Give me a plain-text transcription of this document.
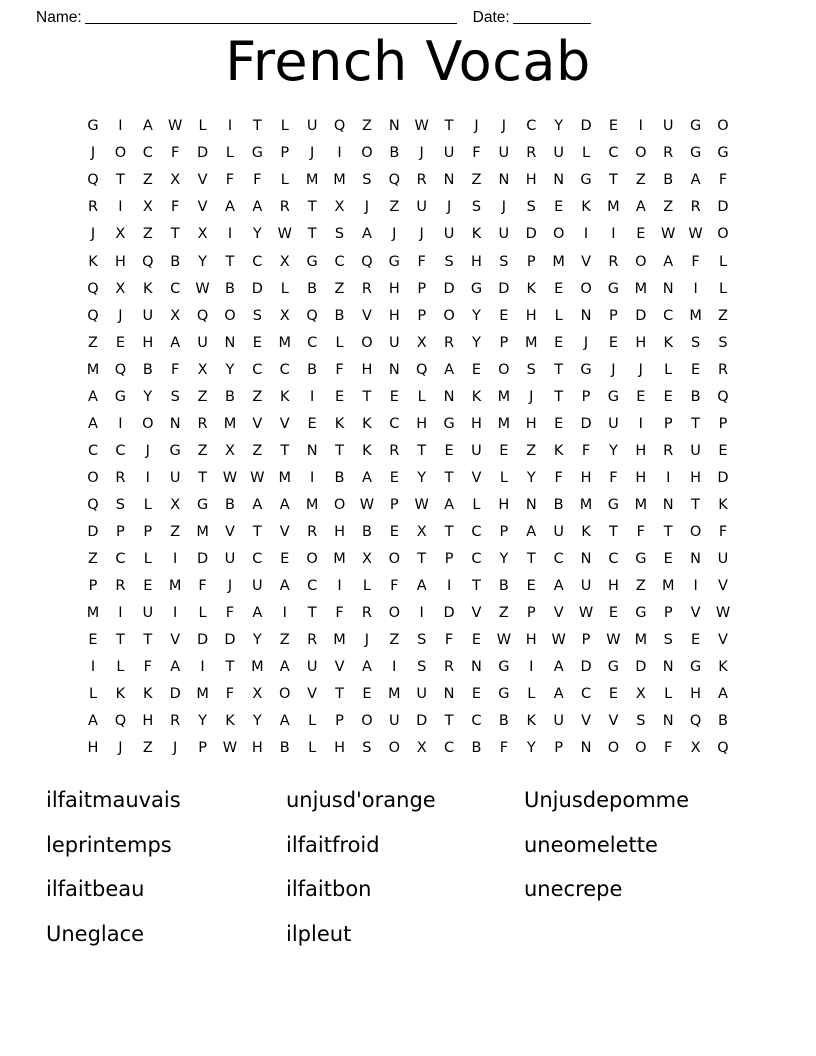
Name:	Date:
French Vocab
G	I	A	W	L	I	T	L	U	Q	Z	N	W	T	J	J	C	Y	D	E	I	U	G	O
J	O	C	F	D	L	G	P	J	I	O	B	J	U	F	U	R	U	L	C	O	R	G	G
Q	T	Z	X	V	F	F	L	M	M	S	Q	R	N	Z	N	H	N	G	T	Z	B	A	F
R	I	X	F	V	A	A	R	T	X	J	Z	U	J	S	J	S	E	K	M	A	Z	R	D
J	X	Z	T	X	I	Y	W	T	S	A	J	J	U	K	U	D	O	I	I	E	W	W	O
K	H	Q	B	Y	T	C	X	G	C	Q	G	F	S	H	S	P	M	V	R	O	A	F	L
Q	X	K	C	W	B	D	L	B	Z	R	H	P	D	G	D	K	E	O	G	M	N	I	L
Q	J	U	X	Q	O	S	X	Q	B	V	H	P	O	Y	E	H	L	N	P	D	C	M	Z
Z	E	H	A	U	N	E	M	C	L	O	U	X	R	Y	P	M	E	J	E	H	K	S	S
M	Q	B	F	X	Y	C	C	B	F	H	N	Q	A	E	O	S	T	G	J	J	L	E	R
A	G	Y	S	Z	B	Z	K	I	E	T	E	L	N	K	M	J	T	P	G	E	E	B	Q
A	I	O	N	R	M	V	V	E	K	K	C	H	G	H	M	H	E	D	U	I	P	T	P
C	C	J	G	Z	X	Z	T	N	T	K	R	T	E	U	E	Z	K	F	Y	H	R	U	E
O	R	I	U	T	W	W	M	I	B	A	E	Y	T	V	L	Y	F	H	F	H	I	H	D
Q	S	L	X	G	B	A	A	M	O	W	P	W	A	L	H	N	B	M	G	M	N	T	K
D	P	P	Z	M	V	T	V	R	H	B	E	X	T	C	P	A	U	K	T	F	T	O	F
Z	C	L	I	D	U	C	E	O	M	X	O	T	P	C	Y	T	C	N	C	G	E	N	U
P	R	E	M	F	J	U	A	C	I	L	F	A	I	T	B	E	A	U	H	Z	M	I	V
M	I	U	I	L	F	A	I	T	F	R	O	I	D	V	Z	P	V	W	E	G	P	V	W
E	T	T	V	D	D	Y	Z	R	M	J	Z	S	F	E	W	H	W	P	W	M	S	E	V
I	L	F	A	I	T	M	A	U	V	A	I	S	R	N	G	I	A	D	G	D	N	G	K
L	K	K	D	M	F	X	O	V	T	E	M	U	N	E	G	L	A	C	E	X	L	H	A
A	Q	H	R	Y	K	Y	A	L	P	O	U	D	T	C	B	K	U	V	V	S	N	Q	B
H	J	Z	J	P	W	H	B	L	H	S	O	X	C	B	F	Y	P	N	O	O	F	X	Q
ilfaitmauvais	unjusd'orange	Unjusdepomme
leprintemps	ilfaitfroid	uneomelette
ilfaitbeau	ilfaitbon	unecrepe
Uneglace	ilpleut
